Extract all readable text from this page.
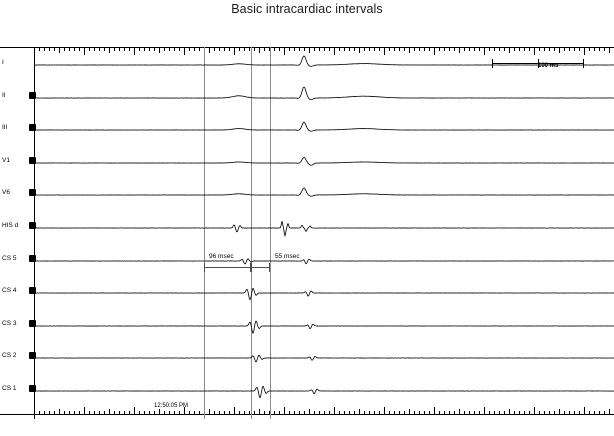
Basic intracardiac intervals
100 ms
96 msec	55 msec
12:50:05 PM
I
II
III
V1
V6
HIS d
CS 5
CS 4
CS 3
CS 2
CS 1
